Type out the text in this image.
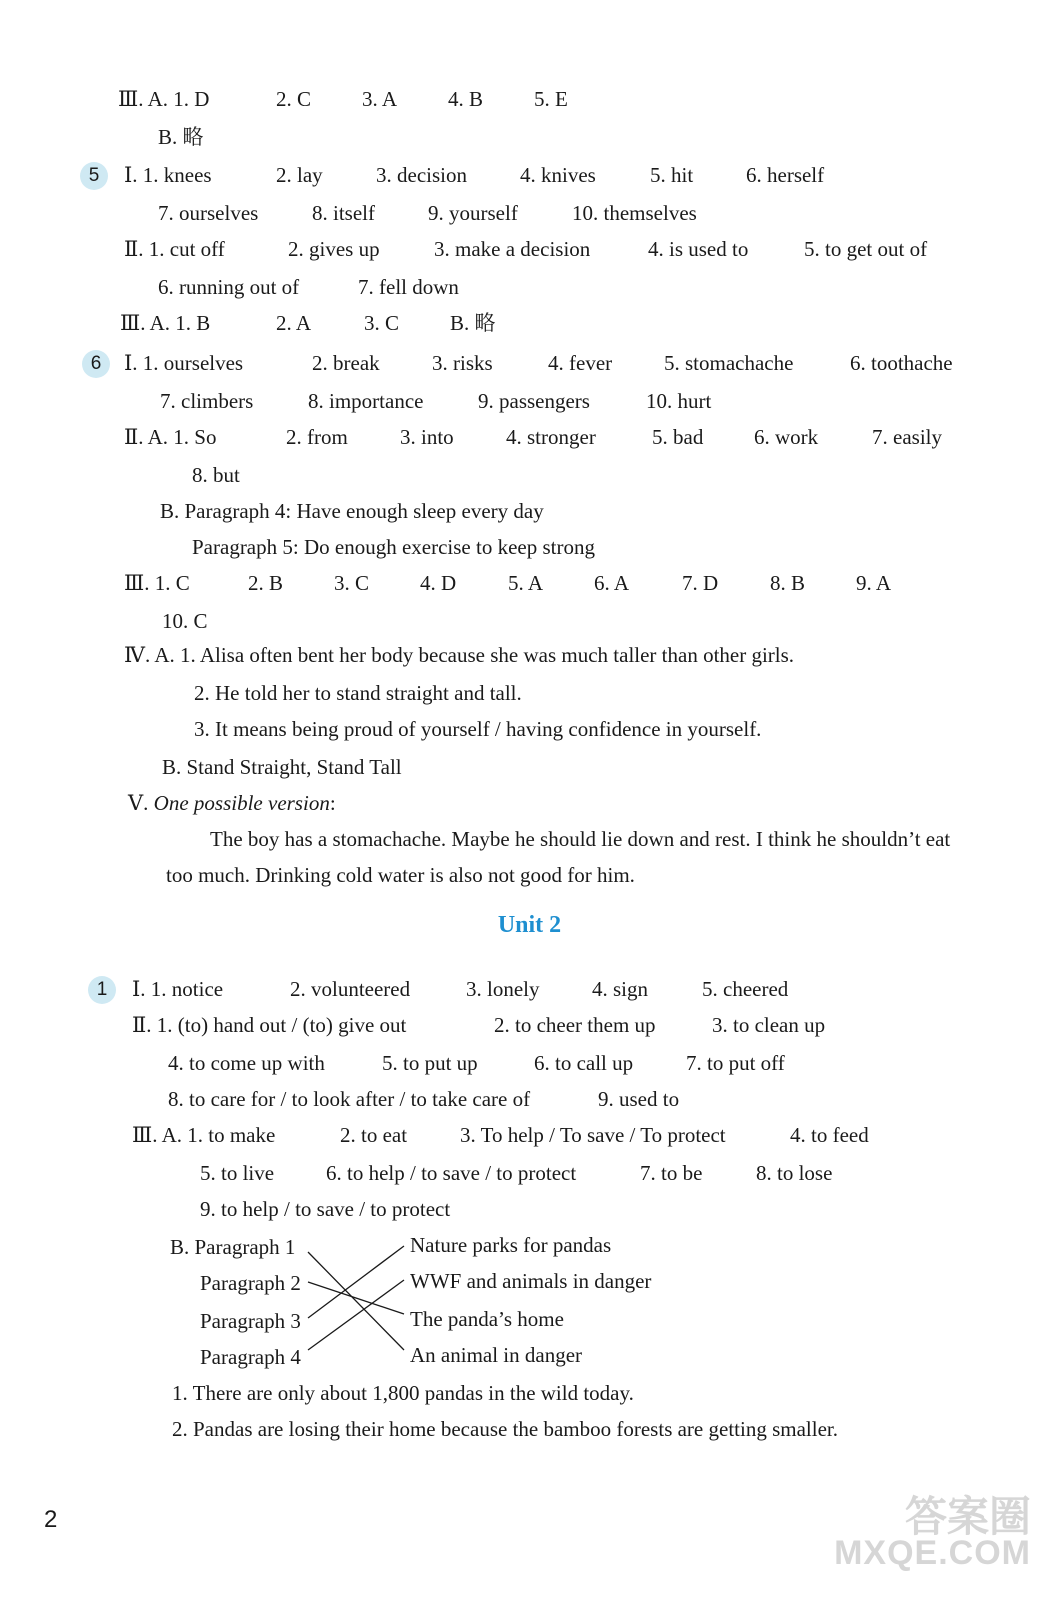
Ⅲ. A. 1. D	2. C 3. A 4. B 5. E
B. 略
5	Ⅰ. 1. knees	2. lay	3. decision	4. knives	5. hit	6. herself
7. ourselves	8. itself	9. yourself	10. themselves
Ⅱ. 1. cut off	2. gives up	3. make a decision	4. is used to	5. to get out of
6. running out of	7. fell down
Ⅲ. A. 1. B	2. A	3. C B. 略
6	Ⅰ. 1. ourselves	2. break 3. risks	4. fever 5. stomachache	6. toothache
7. climbers	8. importance	9. passengers	10. hurt
Ⅱ. A. 1. So	2. from 3. into 4. stronger	5. bad 6. work	7. easily
8. but
B. Paragraph 4: Have enough sleep every day
Paragraph 5: Do enough exercise to keep strong
Ⅲ. 1. C	2. B 3. C 4. D 5. A 6. A	7. D 8. B 9. A
10. C
Ⅳ. A. 1. Alisa often bent her body because she was much taller than other girls.
2. He told her to stand straight and tall.
3. It means being proud of yourself / having confidence in yourself.
B. Stand Straight, Stand Tall
Ⅴ. One possible version:
The boy has a stomachache. Maybe he should lie down and rest. I think he shouldn’t eat
too much. Drinking cold water is also not good for him.
Unit 2
1	Ⅰ. 1. notice	2. volunteered	3. lonely	4. sign	5. cheered
Ⅱ. 1. (to) hand out / (to) give out	2. to cheer them up	3. to clean up
4. to come up with	5. to put up	6. to call up	7. to put off
8. to care for / to look after / to take care of	9. used to
Ⅲ. A. 1. to make	2. to eat	3. To help / To save / To protect	4. to feed
5. to live 6. to help / to save / to protect	7. to be	8. to lose
9. to help / to save / to protect
B. Paragraph 1
Paragraph 2
Paragraph 3
Paragraph 4
Nature parks for pandas
WWF and animals in danger
The panda’s home
An animal in danger
1. There are only about 1,800 pandas in the wild today.
2. Pandas are losing their home because the bamboo forests are getting smaller.
2	答案圈
MXQE.COM
